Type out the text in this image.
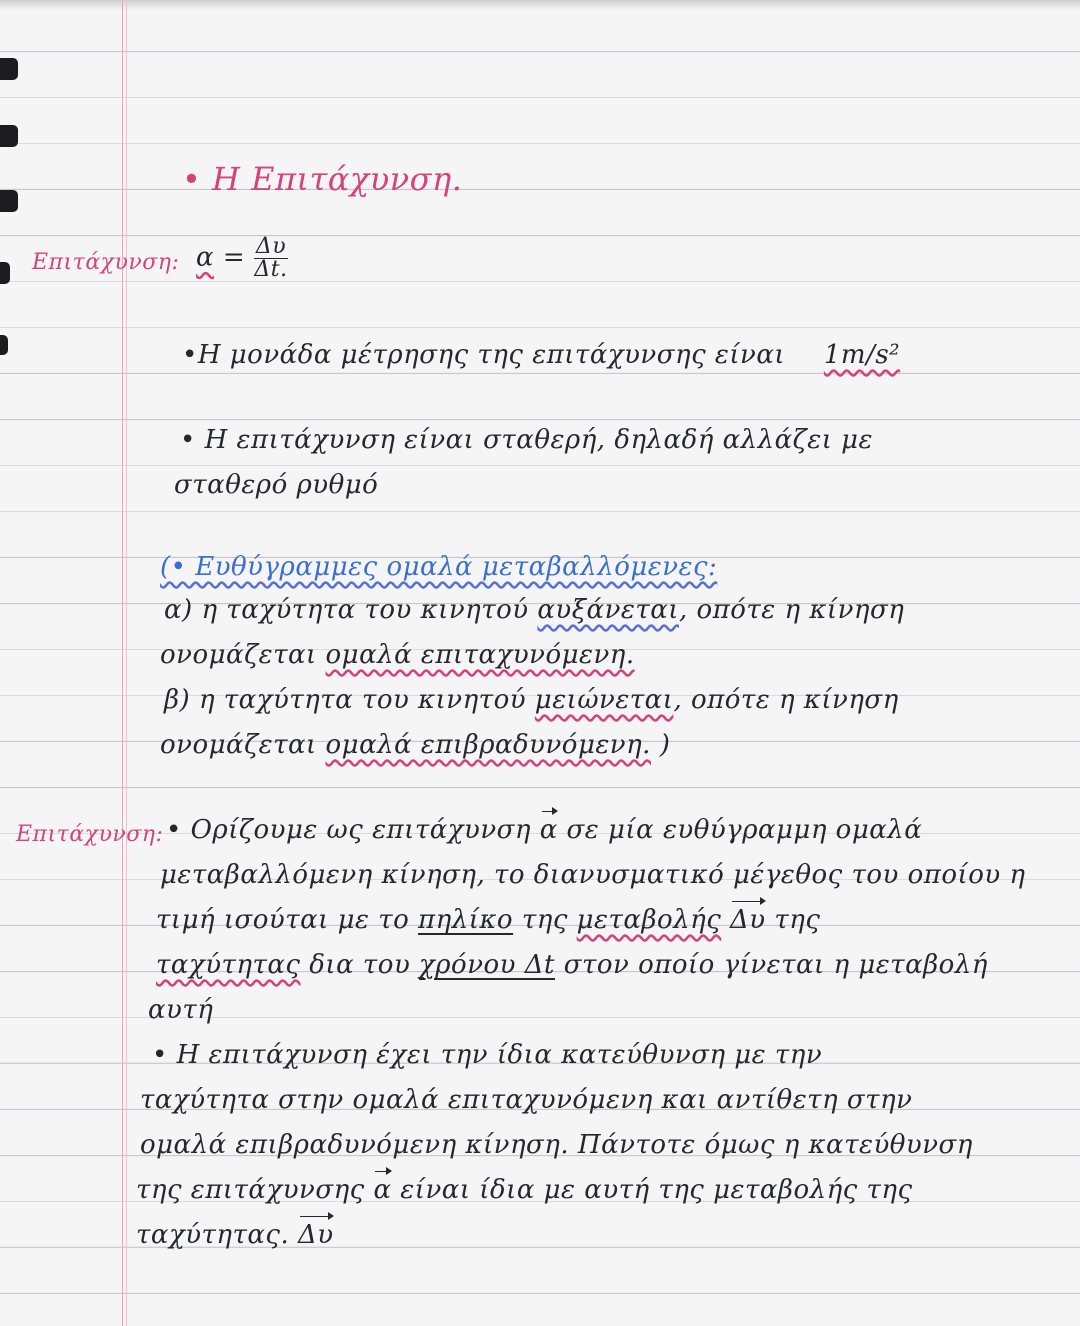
• Η Επιτάχυνση.
Επιτάχυνση: $\alpha = \frac{\Delta\upsilon}{\Delta t.}$
•Η μονάδα μέτρησης της επιτάχυνσης είναι 1m/s²
• Η επιτάχυνση είναι σταθερή, δηλαδή αλλάζει με
σταθερό ρυθμό
(• Ευθύγραμμες ομαλά μεταβαλλόμενες:
α) η ταχύτητα του κινητού αυξάνεται, οπότε η κίνηση
ονομάζεται ομαλά επιταχυνόμενη.
β) η ταχύτητα του κινητού μειώνεται, οπότε η κίνηση
ονομάζεται ομαλά επιβραδυνόμενη. )
Επιτάχυνση: • Ορίζουμε ως επιτάχυνση α σε μία ευθύγραμμη ομαλά
μεταβαλλόμενη κίνηση, το διανυσματικό μέγεθος του οποίου η
τιμή ισούται με το πηλίκο της μεταβολής Δυ της
ταχύτητας δια του χρόνου Δt στον οποίο γίνεται η μεταβολή
αυτή
• Η επιτάχυνση έχει την ίδια κατεύθυνση με την
ταχύτητα στην ομαλά επιταχυνόμενη και αντίθετη στην
ομαλά επιβραδυνόμενη κίνηση. Πάντοτε όμως η κατεύθυνση
της επιτάχυνσης α είναι ίδια με αυτή της μεταβολής της
ταχύτητας. Δυ
